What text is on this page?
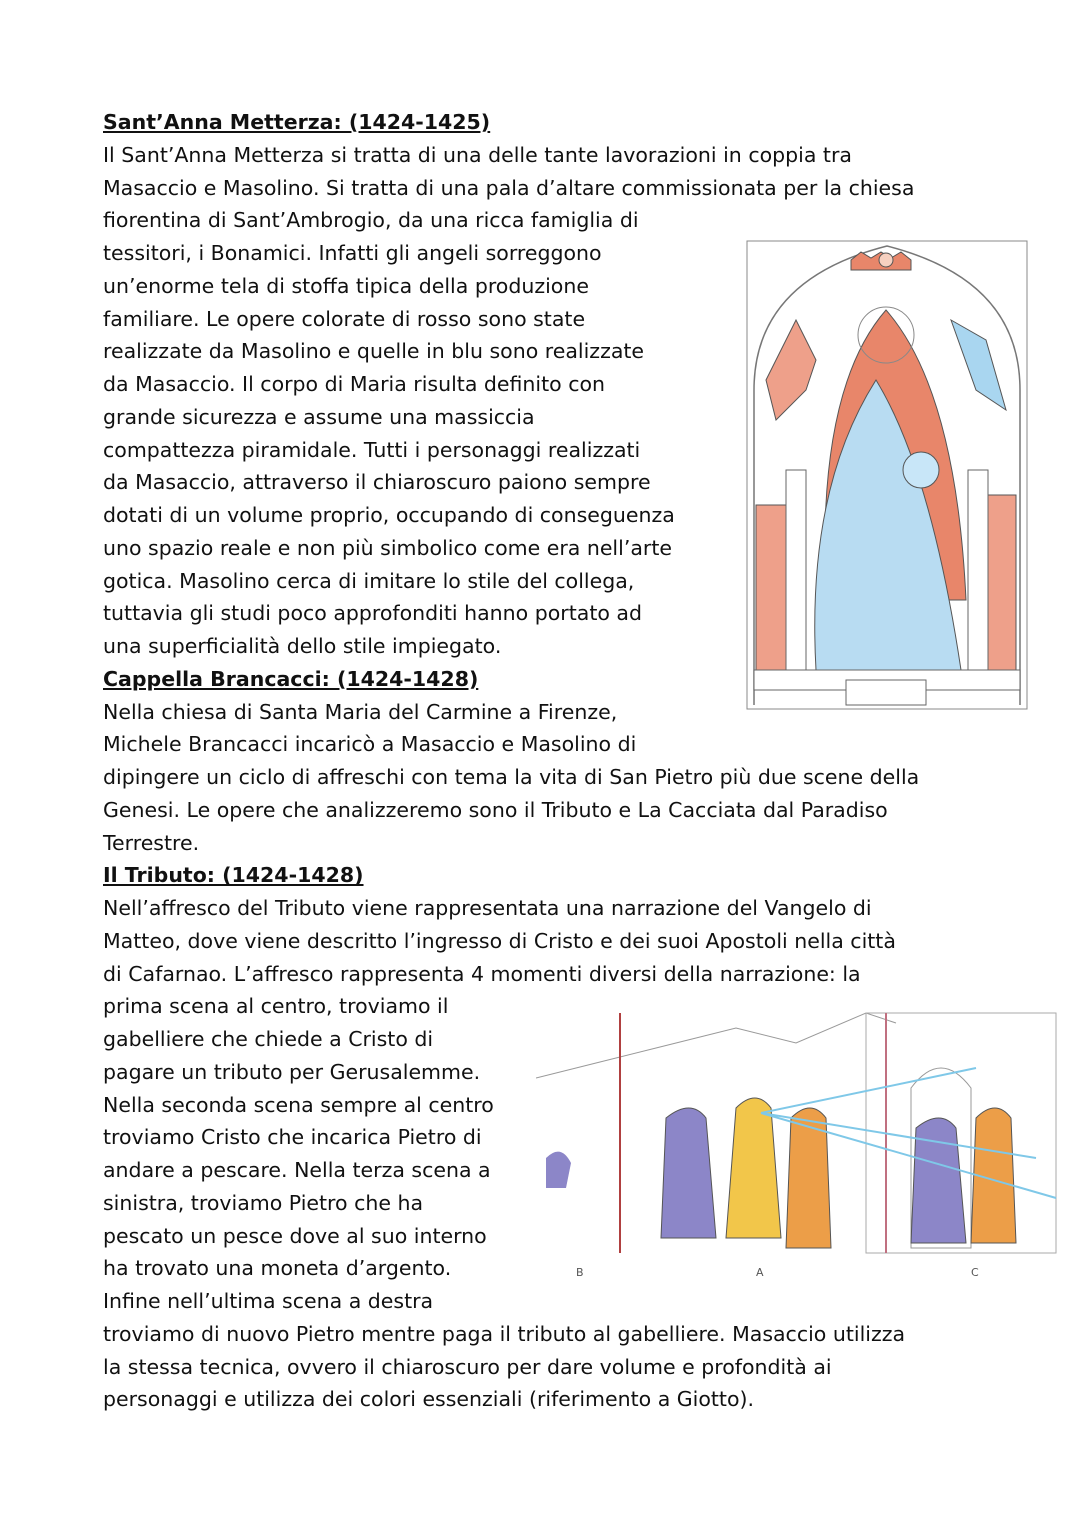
Sant’Anna Metterza: (1424-1425)
Il Sant’Anna Metterza si tratta di una delle tante lavorazioni in coppia tra
Masaccio e Masolino. Si tratta di una pala d’altare commissionata per la chiesa
fiorentina di Sant’Ambrogio, da una ricca famiglia di
tessitori, i Bonamici. Infatti gli angeli sorreggono
un’enorme tela di stoffa tipica della produzione
familiare. Le opere colorate di rosso sono state
realizzate da Masolino e quelle in blu sono realizzate
da Masaccio. Il corpo di Maria risulta definito con
grande sicurezza e assume una massiccia
compattezza piramidale. Tutti i personaggi realizzati
da Masaccio, attraverso il chiaroscuro paiono sempre
dotati di un volume proprio, occupando di conseguenza
uno spazio reale e non più simbolico come era nell’arte
gotica. Masolino cerca di imitare lo stile del collega,
tuttavia gli studi poco approfonditi hanno portato ad
una superficialità dello stile impiegato.
Cappella Brancacci: (1424-1428)
Nella chiesa di Santa Maria del Carmine a Firenze,
Michele Brancacci incaricò a Masaccio e Masolino di
dipingere un ciclo di affreschi con tema la vita di San Pietro più due scene della
Genesi. Le opere che analizzeremo sono il Tributo e La Cacciata dal Paradiso
Terrestre.
Il Tributo: (1424-1428)
Nell’affresco del Tributo viene rappresentata una narrazione del Vangelo di
Matteo, dove viene descritto l’ingresso di Cristo e dei suoi Apostoli nella città
di Cafarnao. L’affresco rappresenta 4 momenti diversi della narrazione: la
prima scena al centro, troviamo il
gabelliere che chiede a Cristo di
pagare un tributo per Gerusalemme.
Nella seconda scena sempre al centro
troviamo Cristo che incarica Pietro di
andare a pescare. Nella terza scena a
sinistra, troviamo Pietro che ha
pescato un pesce dove al suo interno
ha trovato una moneta d’argento.
Infine nell’ultima scena a destra
troviamo di nuovo Pietro mentre paga il tributo al gabelliere. Masaccio utilizza
la stessa tecnica, ovvero il chiaroscuro per dare volume e profondità ai
personaggi e utilizza dei colori essenziali (riferimento a Giotto).
B	A	C
